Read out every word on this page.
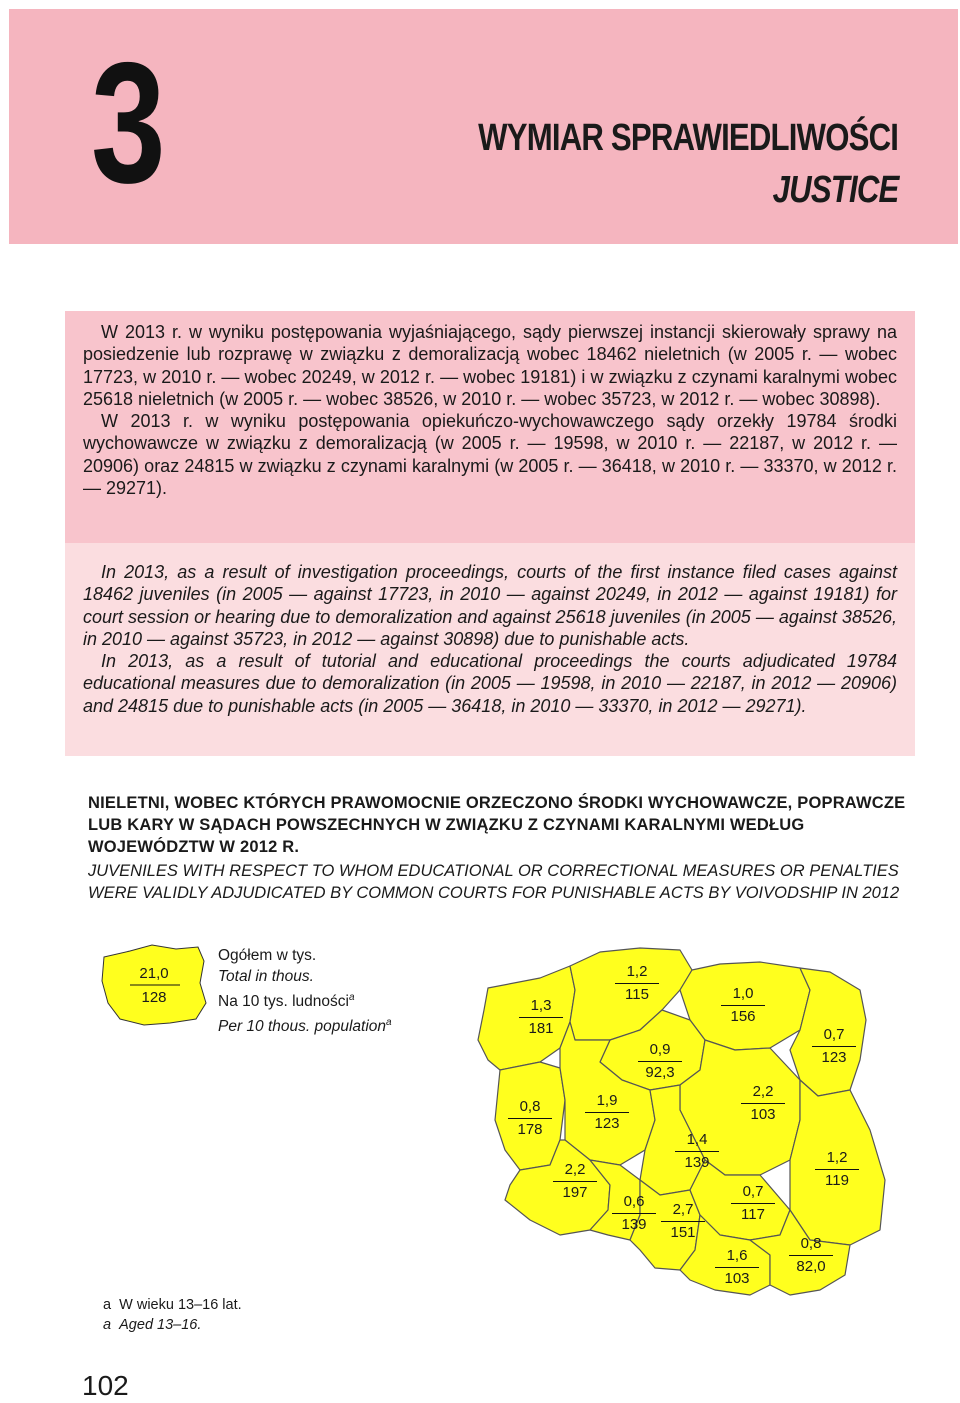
3	WYMIAR SPRAWIEDLIWOŚCI
JUSTICE

W 2013 r. w wyniku postępowania wyjaśniającego, sądy pierwszej instancji skierowały sprawy na posiedzenie lub rozprawę w związku z demoralizacją wobec 18462 nieletnich (w 2005 r. — wobec 17723, w 2010 r. — wobec 20249, w 2012 r. — wobec 19181) i w związku z czynami karalnymi wobec 25618 nieletnich (w 2005 r. — wobec 38526, w 2010 r. — wobec 35723, w 2012 r. — wobec 30898).

W 2013 r. w wyniku postępowania opiekuńczo-wychowawczego sądy orzekły 19784 środki wychowawcze w związku z demoralizacją (w 2005 r. — 19598, w 2010 r. — 22187, w 2012 r. — 20906) oraz 24815 w związku z czynami karalnymi (w 2005 r. — 36418, w 2010 r. — 33370, w 2012 r. — 29271).

In 2013, as a result of investigation proceedings, courts of the first instance filed cases against 18462 juveniles (in 2005 — against 17723, in 2010 — against 20249, in 2012 — against 19181) for court session or hearing due to demoralization and against 25618 juveniles (in 2005 — against 38526, in 2010 — against 35723, in 2012 — against 30898) due to punishable acts.

In 2013, as a result of tutorial and educational proceedings the courts adjudicated 19784 educational measures due to demoralization (in 2005 — 19598, in 2010 — 22187, in 2012 — 20906) and 24815 due to punishable acts (in 2005 — 36418, in 2010 — 33370, in 2012 — 29271).

NIELETNI, WOBEC KTÓRYCH PRAWOMOCNIE ORZECZONO ŚRODKI WYCHOWAWCZE, POPRAWCZE LUB KARY W SĄDACH POWSZECHNYCH W ZWIĄZKU Z CZYNAMI KARALNYMI WEDŁUG WOJEWÓDZTW W 2012 R.

JUVENILES WITH RESPECT TO WHOM EDUCATIONAL OR CORRECTIONAL MEASURES OR PENALTIES WERE VALIDLY ADJUDICATED BY COMMON COURTS FOR PUNISHABLE ACTS BY VOIVODSHIP IN 2012

21,0
128
Ogółem w tys.
Total in thous.
Na 10 tys. ludności$^a$
Per 10 thous. population$^a$
1,2
115
1,3
181
1,0
156
0,7
123
0,9
92,3
0,8
178
1,9
123
2,2
103
1,4
139	1,2
119
2,2
197
0,6
139
2,7
151
0,7
117
1,6
103
0,8
82,0
a W wieku 13–16 lat.
a Aged 13–16.
102
